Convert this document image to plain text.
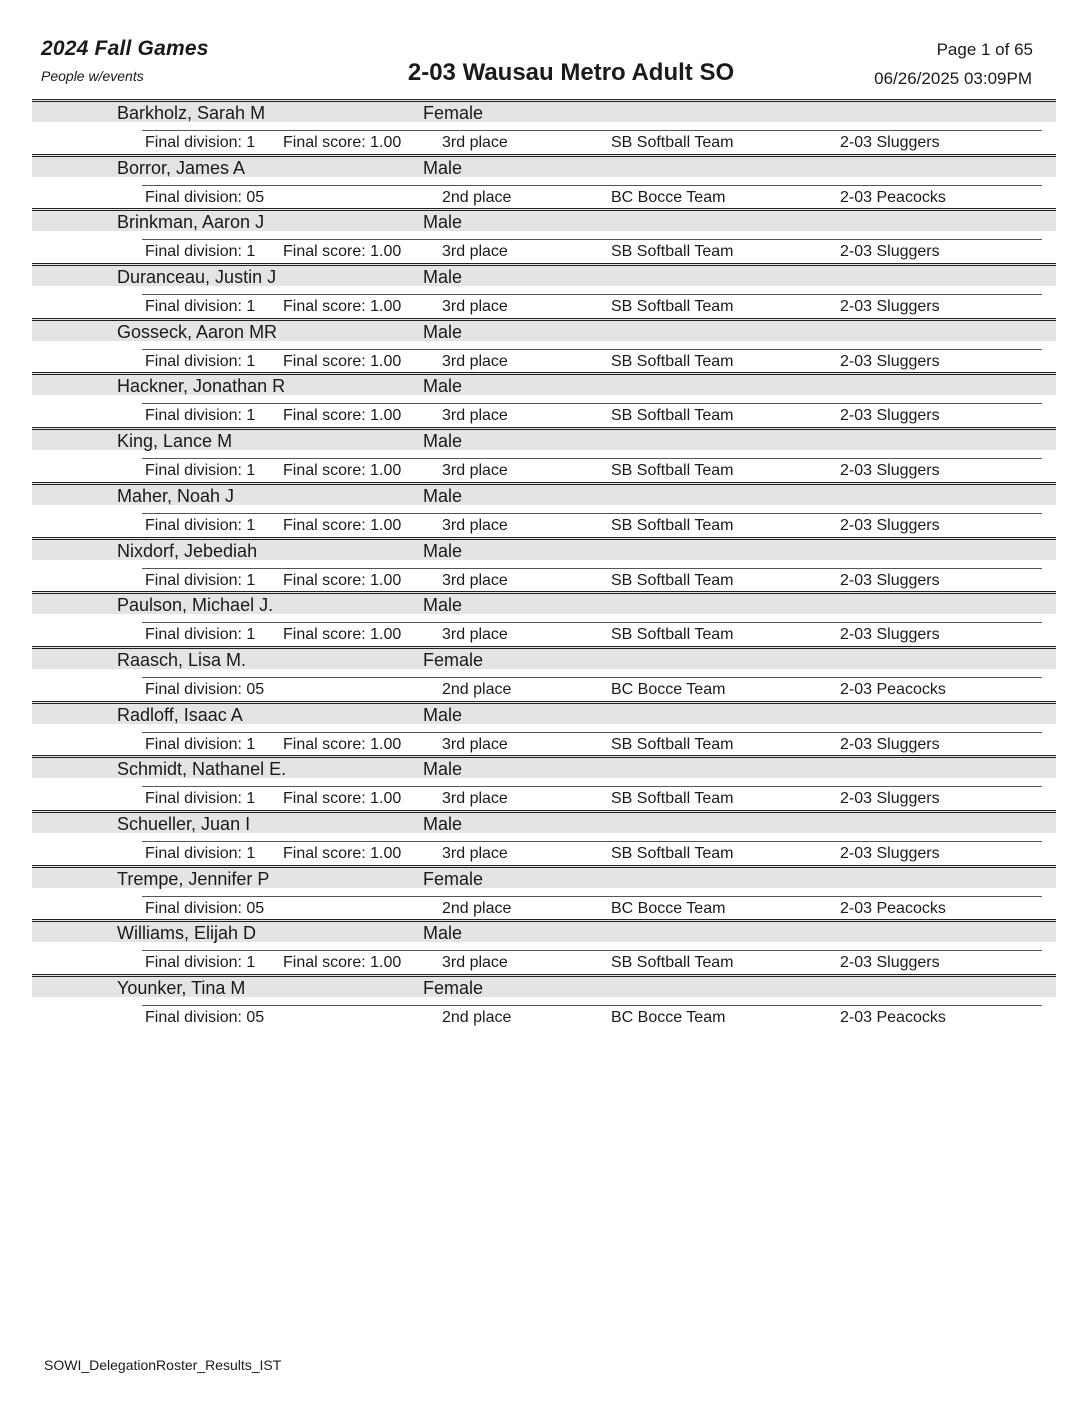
2024 Fall Games
People w/events	2-03 Wausau Metro Adult SO
Page 1 of 65
06/26/2025 03:09PM
Barkholz, Sarah M	Female
Final division: 1 Final score: 1.00	3rd place	SB Softball Team	2-03 Sluggers
Borror, James A	Male
Final division: 05	2nd place	BC Bocce Team	2-03 Peacocks
Brinkman, Aaron J	Male
Final division: 1 Final score: 1.00	3rd place	SB Softball Team	2-03 Sluggers
Duranceau, Justin J	Male
Final division: 1 Final score: 1.00	3rd place	SB Softball Team	2-03 Sluggers
Gosseck, Aaron MR	Male
Final division: 1 Final score: 1.00	3rd place	SB Softball Team	2-03 Sluggers
Hackner, Jonathan R	Male
Final division: 1 Final score: 1.00	3rd place	SB Softball Team	2-03 Sluggers
King, Lance M	Male
Final division: 1 Final score: 1.00	3rd place	SB Softball Team	2-03 Sluggers
Maher, Noah J	Male
Final division: 1 Final score: 1.00	3rd place	SB Softball Team	2-03 Sluggers
Nixdorf, Jebediah	Male
Final division: 1 Final score: 1.00	3rd place	SB Softball Team	2-03 Sluggers
Paulson, Michael J.	Male
Final division: 1 Final score: 1.00	3rd place	SB Softball Team	2-03 Sluggers
Raasch, Lisa M.	Female
Final division: 05	2nd place	BC Bocce Team	2-03 Peacocks
Radloff, Isaac A	Male
Final division: 1 Final score: 1.00	3rd place	SB Softball Team	2-03 Sluggers
Schmidt, Nathanel E.	Male
Final division: 1 Final score: 1.00	3rd place	SB Softball Team	2-03 Sluggers
Schueller, Juan I	Male
Final division: 1 Final score: 1.00	3rd place	SB Softball Team	2-03 Sluggers
Trempe, Jennifer P	Female
Final division: 05	2nd place	BC Bocce Team	2-03 Peacocks
Williams, Elijah D	Male
Final division: 1 Final score: 1.00	3rd place	SB Softball Team	2-03 Sluggers
Younker, Tina M	Female
Final division: 05	2nd place	BC Bocce Team	2-03 Peacocks
SOWI_DelegationRoster_Results_IST
